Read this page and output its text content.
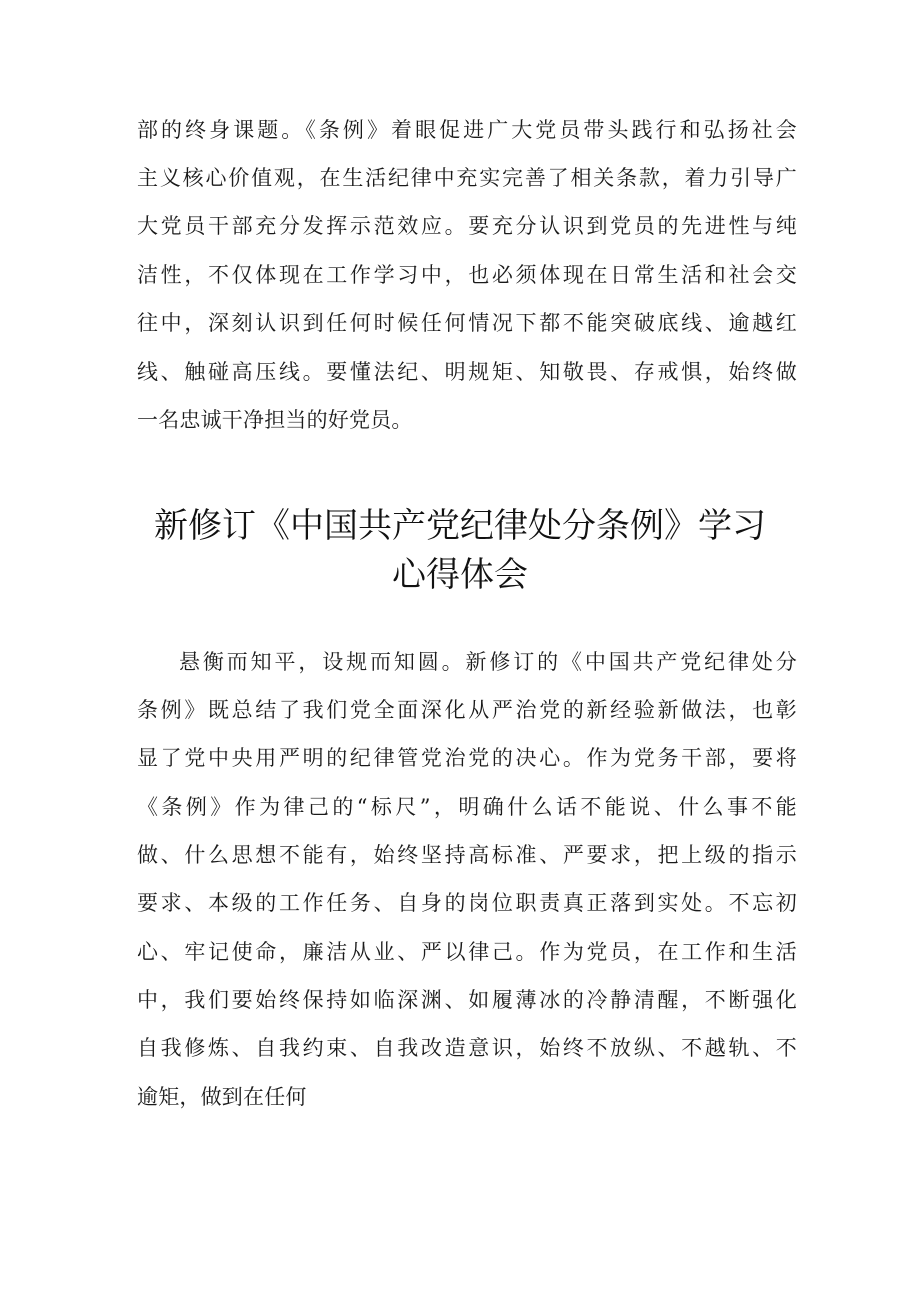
部的终身课题。《条例》着眼促进广大党员带头践行和弘扬社会
主义核心价值观，在生活纪律中充实完善了相关条款，着力引导广
大党员干部充分发挥示范效应。要充分认识到党员的先进性与纯
洁性，不仅体现在工作学习中，也必须体现在日常生活和社会交
往中，深刻认识到任何时候任何情况下都不能突破底线、逾越红
线、触碰高压线。要懂法纪、明规矩、知敬畏、存戒惧，始终做
一名忠诚干净担当的好党员。
新修订《中国共产党纪律处分条例》学习
心得体会
悬衡而知平，设规而知圆。新修订的《中国共产党纪律处分
条例》既总结了我们党全面深化从严治党的新经验新做法，也彰
显了党中央用严明的纪律管党治党的决心。作为党务干部，要将
《条例》作为律己的“标尺”，明确什么话不能说、什么事不能
做、什么思想不能有，始终坚持高标准、严要求，把上级的指示
要求、本级的工作任务、自身的岗位职责真正落到实处。不忘初
心、牢记使命，廉洁从业、严以律己。作为党员，在工作和生活
中，我们要始终保持如临深渊、如履薄冰的冷静清醒，不断强化
自我修炼、自我约束、自我改造意识，始终不放纵、不越轨、不
逾矩，做到在任何
